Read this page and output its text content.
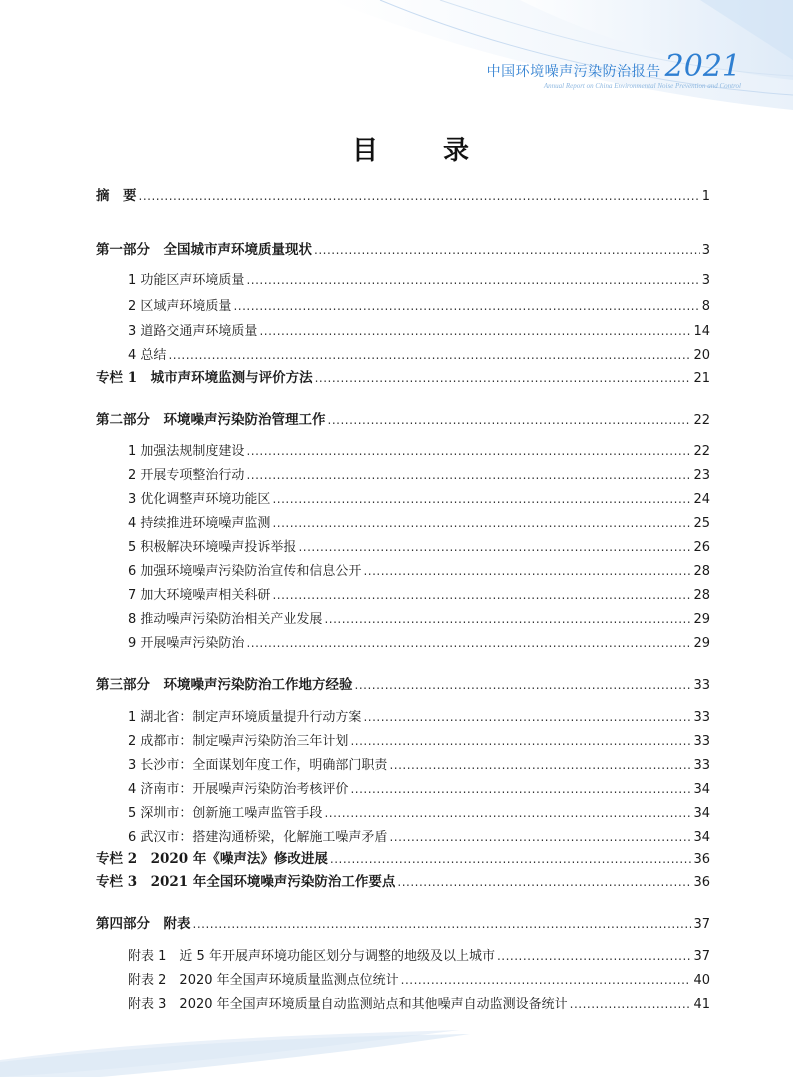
中国环境噪声污染防治报告 2021
Annual Report on China Environmental Noise Prevention and Control
目 录
摘　要 .....	1
第一部分　全国城市声环境质量现状 .....	3
1 功能区声环境质量 .....	3
2 区域声环境质量 .....	8
3 道路交通声环境质量 .....	14
4 总结 .....	20
专栏 1　城市声环境监测与评价方法 .....	21
第二部分　环境噪声污染防治管理工作 .....	22
1 加强法规制度建设 .....	22
2 开展专项整治行动 .....	23
3 优化调整声环境功能区 .....	24
4 持续推进环境噪声监测 .....	25
5 积极解决环境噪声投诉举报 .....	26
6 加强环境噪声污染防治宣传和信息公开 .....	28
7 加大环境噪声相关科研 .....	28
8 推动噪声污染防治相关产业发展 .....	29
9 开展噪声污染防治 .....	29
第三部分　环境噪声污染防治工作地方经验 .....	33
1 湖北省：制定声环境质量提升行动方案 .....	33
2 成都市：制定噪声污染防治三年计划 .....	33
3 长沙市：全面谋划年度工作，明确部门职责 .....	33
4 济南市：开展噪声污染防治考核评价 .....	34
5 深圳市：创新施工噪声监管手段 .....	34
6 武汉市：搭建沟通桥梁，化解施工噪声矛盾 .....	34
专栏 2　2020 年《噪声法》修改进展 .....	36
专栏 3　2021 年全国环境噪声污染防治工作要点 .....	36
第四部分　附表 .....	37
附表 1　 近 5 年开展声环境功能区划分与调整的地级及以上城市 .....	37
附表 2　 2020 年全国声环境质量监测点位统计 .....	40
附表 3　 2020 年全国声环境质量自动监测站点和其他噪声自动监测设备统计 .....	41
